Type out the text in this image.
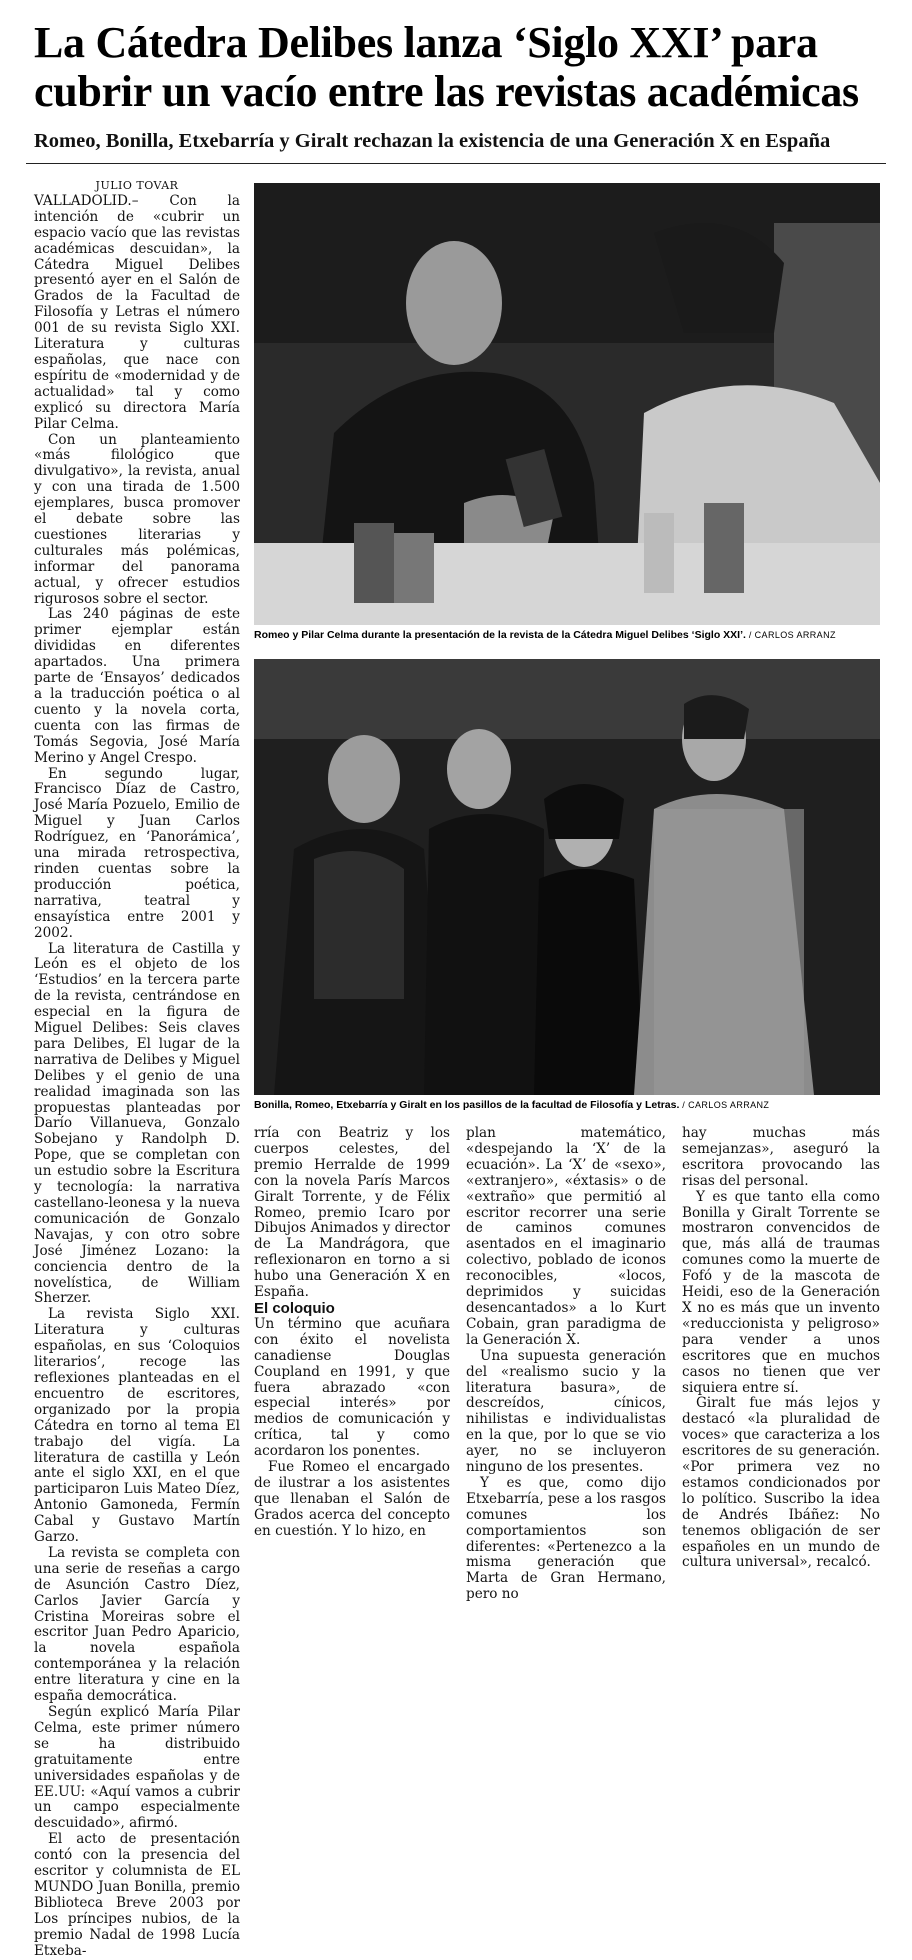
La Cátedra Delibes lanza ‘Siglo XXI’ para cubrir un vacío entre las revistas académicas
Romeo, Bonilla, Etxebarría y Giralt rechazan la existencia de una Generación X en España

JULIO TOVAR

VALLADOLID.– Con la intención de «cubrir un espacio vacío que las revistas académicas descuidan», la Cátedra Miguel Delibes presentó ayer en el Salón de Grados de la Facultad de Filosofía y Letras el número 001 de su revista Siglo XXI. Literatura y culturas españolas, que nace con espíritu de «modernidad y de actualidad» tal y como explicó su directora María Pilar Celma.

Con un planteamiento «más filológico que divulgativo», la revista, anual y con una tirada de 1.500 ejemplares, busca promover el debate sobre las cuestiones literarias y culturales más polémicas, informar del panorama actual, y ofrecer estudios rigurosos sobre el sector.

Las 240 páginas de este primer ejemplar están divididas en diferentes apartados. Una primera parte de ‘Ensayos’ dedicados a la traducción poética o al cuento y la novela corta, cuenta con las firmas de Tomás Segovia, José María Merino y Angel Crespo.

En segundo lugar, Francisco Díaz de Castro, José María Pozuelo, Emilio de Miguel y Juan Carlos Rodríguez, en ‘Panorámica’, una mirada retrospectiva, rinden cuentas sobre la producción poética, narrativa, teatral y ensayística entre 2001 y 2002.

La literatura de Castilla y León es el objeto de los ‘Estudios’ en la tercera parte de la revista, centrándose en especial en la figura de Miguel Delibes: Seis claves para Delibes, El lugar de la narrativa de Delibes y Miguel Delibes y el genio de una realidad imaginada son las propuestas planteadas por Darío Villanueva, Gonzalo Sobejano y Randolph D. Pope, que se completan con un estudio sobre la Escritura y tecnología: la narrativa castellano-leonesa y la nueva comunicación de Gonzalo Navajas, y con otro sobre José Jiménez Lozano: la conciencia dentro de la novelística, de William Sherzer.

La revista Siglo XXI. Literatura y culturas españolas, en sus ‘Coloquios literarios’, recoge las reflexiones planteadas en el encuentro de escritores, organizado por la propia Cátedra en torno al tema El trabajo del vigía. La literatura de castilla y León ante el siglo XXI, en el que participaron Luis Mateo Díez, Antonio Gamoneda, Fermín Cabal y Gustavo Martín Garzo.

La revista se completa con una serie de reseñas a cargo de Asunción Castro Díez, Carlos Javier García y Cristina Moreiras sobre el escritor Juan Pedro Aparicio, la novela española contemporánea y la relación entre literatura y cine en la españa democrática.

Según explicó María Pilar Celma, este primer número se ha distribuido gratuitamente entre universidades españolas y de EE.UU: «Aquí vamos a cubrir un campo especialmente descuidado», afirmó.

El acto de presentación contó con la presencia del escritor y columnista de EL MUNDO Juan Bonilla, premio Biblioteca Breve 2003 por Los príncipes nubios, de la premio Nadal de 1998 Lucía Etxeba-

Romeo y Pilar Celma durante la presentación de la revista de la Cátedra Miguel Delibes ‘Siglo XXI’. / CARLOS ARRANZ
Bonilla, Romeo, Etxebarría y Giralt en los pasillos de la facultad de Filosofía y Letras. / CARLOS ARRANZ

rría con Beatriz y los cuerpos celestes, del premio Herralde de 1999 con la novela París Marcos Giralt Torrente, y de Félix Romeo, premio Icaro por Dibujos Animados y director de La Mandrágora, que reflexionaron en torno a si hubo una Generación X en España.

El coloquio

Un término que acuñara con éxito el novelista canadiense Douglas Coupland en 1991, y que fuera abrazado «con especial interés» por medios de comunicación y crítica, tal y como acordaron los ponentes.

Fue Romeo el encargado de ilustrar a los asistentes que llenaban el Salón de Grados acerca del concepto en cuestión. Y lo hizo, en

plan matemático, «despejando la ‘X’ de la ecuación». La ‘X’ de «sexo», «extranjero», «éxtasis» o de «extraño» que permitió al escritor recorrer una serie de caminos comunes asentados en el imaginario colectivo, poblado de iconos reconocibles, «locos, deprimidos y suicidas desencantados» a lo Kurt Cobain, gran paradigma de la Generación X.

Una supuesta generación del «realismo sucio y la literatura basura», de descreídos, cínicos, nihilistas e individualistas en la que, por lo que se vio ayer, no se incluyeron ninguno de los presentes.

Y es que, como dijo Etxebarría, pese a los rasgos comunes los comportamientos son diferentes: «Pertenezco a la misma generación que Marta de Gran Hermano, pero no

hay muchas más semejanzas», aseguró la escritora provocando las risas del personal.

Y es que tanto ella como Bonilla y Giralt Torrente se mostraron convencidos de que, más allá de traumas comunes como la muerte de Fofó y de la mascota de Heidi, eso de la Generación X no es más que un invento «reduccionista y peligroso» para vender a unos escritores que en muchos casos no tienen que ver siquiera entre sí.

Giralt fue más lejos y destacó «la pluralidad de voces» que caracteriza a los escritores de su generación. «Por primera vez no estamos condicionados por lo político. Suscribo la idea de Andrés Ibáñez: No tenemos obligación de ser españoles en un mundo de cultura universal», recalcó.
